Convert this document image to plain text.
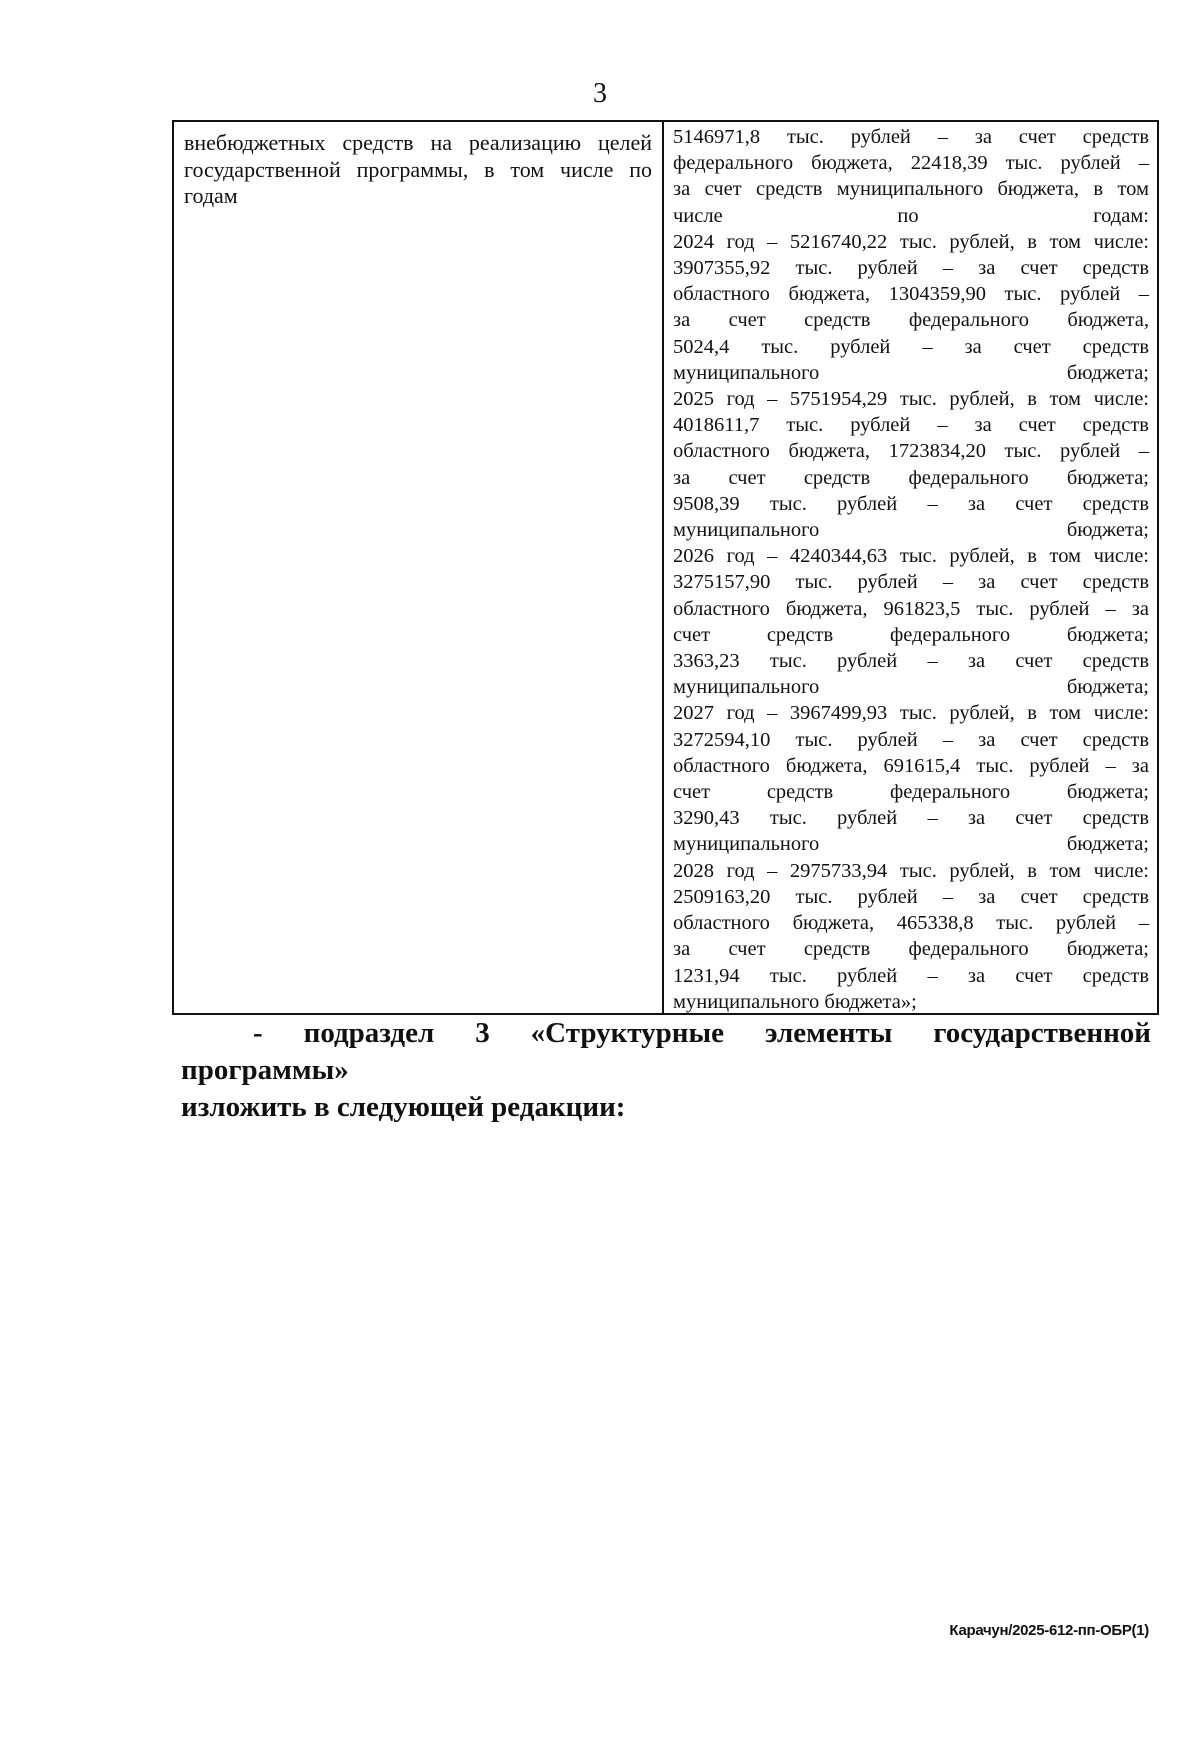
3
внебюджетных средств на реализацию целей государственной программы, в том числе по годам
5146971,8 тыс. рублей – за счет средств
федерального бюджета, 22418,39 тыс. рублей –
за счет средств муниципального бюджета, в том
числе по годам:
2024 год – 5216740,22 тыс. рублей, в том числе:
3907355,92 тыс. рублей – за счет средств
областного бюджета, 1304359,90 тыс. рублей –
за счет средств федерального бюджета,
5024,4 тыс. рублей – за счет средств
муниципального бюджета;
2025 год – 5751954,29 тыс. рублей, в том числе:
4018611,7 тыс. рублей – за счет средств
областного бюджета, 1723834,20 тыс. рублей –
за счет средств федерального бюджета;
9508,39 тыс. рублей – за счет средств
муниципального бюджета;
2026 год – 4240344,63 тыс. рублей, в том числе:
3275157,90 тыс. рублей – за счет средств
областного бюджета, 961823,5 тыс. рублей – за
счет средств федерального бюджета;
3363,23 тыс. рублей – за счет средств
муниципального бюджета;
2027 год – 3967499,93 тыс. рублей, в том числе:
3272594,10 тыс. рублей – за счет средств
областного бюджета, 691615,4 тыс. рублей – за
счет средств федерального бюджета;
3290,43 тыс. рублей – за счет средств
муниципального бюджета;
2028 год – 2975733,94 тыс. рублей, в том числе:
2509163,20 тыс. рублей – за счет средств
областного бюджета, 465338,8 тыс. рублей –
за счет средств федерального бюджета;
1231,94 тыс. рублей – за счет средств
муниципального бюджета»;
- подраздел 3 «Структурные элементы государственной программы»
изложить в следующей редакции:
Карачун/2025-612-пп-ОБР(1)
